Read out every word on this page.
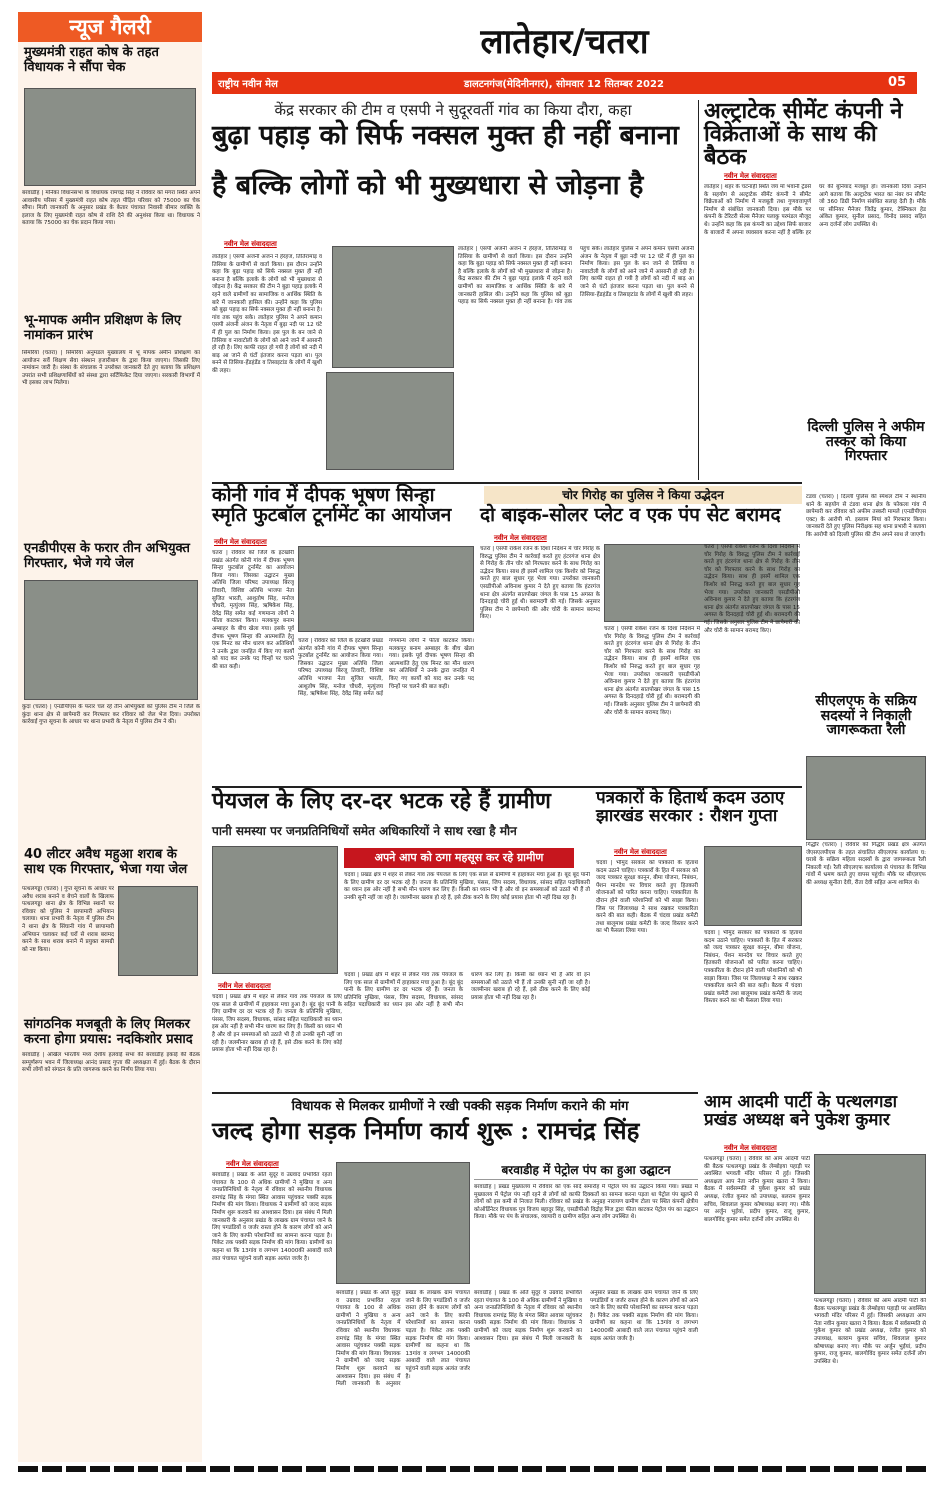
न्यूज गैलरी
मुख्यमंत्री राहत कोष के तहत विधायक ने सौंपा चेक
बरवाडीह | मनिका विधानसभा के विधायक रामचंद्र सिंह ने रविवार को मंगरा स्थित अपने आवासीय परिसर में मुख्यमंत्री राहत कोष तहत पीड़ित परिवार को 75000 का चेक सौंपा। मिली जानकारी के अनुसार प्रखंड के केतार पंचायत निवासी बीमार व्यक्ति के इलाज के लिए मुख्यमंत्री राहत कोष से राशि देने की अनुशंसा किया था। विधायक ने बताया कि 75000 का चेक प्रदान किया गया।
भू-मापक अमीन प्रशिक्षण के लिए नामांकन प्रारंभ
सिमरिया (चतरा) | सिमरिया अनुमंडल मुख्यालय में भू मापक अमीन प्रशिक्षण का आयोजन सर्वे शिक्षण सेवा संस्थान हजारीबाग के द्वारा किया जाएगा। जिसकी लिए नामांकन जारी है। संस्था के संचालक ने उपरोक्त जानकारी देते हुए बताया कि प्रशिक्षण उपरांत सभी प्रशिक्षणार्थियों को संस्था द्वारा सर्टिफिकेट दिया जाएगा। सरकारी विभागों में भी इसका लाभ मिलेगा।
एनडीपीएस के फरार तीन अभियुक्त गिरफ्तार, भेजे गये जेल
कुंदा (चतरा) | एनडीपीएस के फरार चल रहे तीन अभियुक्तों को पुलिस टीम ने जिले के कुंदा थाना क्षेत्र से छापेमारी कर गिरफ्तार कर रविवार को जेल भेज दिया। उपरोक्त कार्रवाई गुप्त सूचना के आधार पर थाना प्रभारी के नेतृत्व में पुलिस टीम ने की।
40 लीटर अवैध महुआ शराब के साथ एक गिरफ्तार, भेजा गया जेल
पत्थलगड्डा (चतरा) | गुप्त सूचना के आधार पर अवैध शराब बनाने व बेचने वालों के खिलाफ पत्थलगड्डा थाना क्षेत्र के विभिन्न स्थानों पर रविवार को पुलिस ने छापामारी अभियान चलाया। थाना प्रभारी के नेतृत्व में पुलिस टीम ने थाना क्षेत्र के सिंघानी गांव में छापामारी अभियान चलाकर कई घरों से शराब बरामद करने के साथ शराब बनाने में प्रयुक्त सामग्री को नष्ट किया।
सांगठनिक मजबूती के लिए मिलकर करना होगा प्रयास: नदकिशोर प्रसाद
बरवाडीह | अखिल भारतीय मध्य देशीय हलवाई सभा की बरवाडीह इकाई की बैठक सम्पूर्णरूप भवन में जिलाध्यक्ष आनंद प्रसाद गुप्ता की अध्यक्षता में हुई। बैठक के दौरान सभी लोगों को संगठन के प्रति जागरूक करने का निर्णय लिया गया।
लातेहार/चतरा
राष्ट्रीय नवीन मेल	डालटनगंज(मेदिनीनगर), सोमवार 12 सितम्बर 2022	05
केंद्र सरकार की टीम व एसपी ने सुदूरवर्ती गांव का किया दौरा, कहा
बुढ़ा पहाड़ को सिर्फ नक्सल मुक्त ही नहीं बनाना
है बल्कि लोगों को भी मुख्यधारा से जोड़ना है
नवीन मेल संवाददाता
लातेहार | एसपी अंजनी अंजन ने हेरहंज, तितिरामाड़ व तिसिया के ग्रामीणों से वार्ता किया। इस दौरान उन्होंने कहा कि बुढ़ा पहाड़ को सिर्फ नक्सल मुक्त ही नहीं बनाना है बल्कि इलाके के लोगों को भी मुख्यधारा से जोड़ना है। केंद्र सरकार की टीम ने बुढ़ा पहाड़ इलाके में रहने वाले ग्रामीणों का सामाजिक व आर्थिक स्थिति के बारे में जानकारी हासिल की। उन्होंने कहा कि पुलिस को बुढ़ा पहाड़ का सिर्फ नक्सल मुक्त ही नहीं बनाना है। गांव तक पहुंच सके। लातेहार पुलिस ने अपने कमान एसपी अंजनी अंजन के नेतृत्व में बुढ़ा नदी पर 12 घंटे में ही पुल का निर्माण किया। इस पुल के बन जाने से तिसिया व नावाटोली के लोगों को आने जाने में आसानी हो रही है। लिए काफी राहत हो गयी है लोगों को नदी में बाढ़ आ जाने से घंटों इंतजार करना पड़ता था। पुल बनने से तिसिया-हेंडहंडेंड व तिसाइटांड के लोगों में खुशी की लहर।
लातेहार | एसपी अंजनी अंजन ने हेरहंज, तितिरामाड़ व तिसिया के ग्रामीणों से वार्ता किया। इस दौरान उन्होंने कहा कि बुढ़ा पहाड़ को सिर्फ नक्सल मुक्त ही नहीं बनाना है बल्कि इलाके के लोगों को भी मुख्यधारा से जोड़ना है। केंद्र सरकार की टीम ने बुढ़ा पहाड़ इलाके में रहने वाले ग्रामीणों का सामाजिक व आर्थिक स्थिति के बारे में जानकारी हासिल की। उन्होंने कहा कि पुलिस को बुढ़ा पहाड़ का सिर्फ नक्सल मुक्त ही नहीं बनाना है। गांव तक पहुंच सके। लातेहार पुलिस ने अपने कमान एसपी अंजनी अंजन के नेतृत्व में बुढ़ा नदी पर 12 घंटे में ही पुल का निर्माण किया। इस पुल के बन जाने से तिसिया व नावाटोली के लोगों को आने जाने में आसानी हो रही है। लिए काफी राहत हो गयी है लोगों को नदी में बाढ़ आ जाने से घंटों इंतजार करना पड़ता था। पुल बनने से तिसिया-हेंडहंडेंड व तिसाइटांड के लोगों में खुशी की लहर।
अल्ट्राटेक सीमेंट कंपनी ने विक्रेताओं के साथ की बैठक
नवीन मेल संवाददाता
लातेहार | शहर के चटनाही स्थित जय माँ भवानी ट्रेडर्स के सहयोग से अल्ट्राटेक सीमेंट कंपनी ने सीमेंट विक्रेताओं को निर्माण में मजबूती तथा गुणवत्तापूर्ण निर्माण से संबंधित जानकारी दिया। इस मौके पर कंपनी के टेरिटरी सेल्स मैनेजर पलाकु परमंडल मौजूद थे। उन्होंने कहा कि इस कंपनी का उद्देश्य सिर्फ बाजार के बाजारों में अपना व्यवसाय करना नहीं है बल्कि हर घर की बुनियाद मजबूत हो। जानकारी दिया उन्होंने आगे बताया कि अल्ट्राटेक भारत का नंबर वन सीमेंट जो 360 डिग्री निर्माण संबंधित सलाह देती है। मौके पर सीनियर मैनेजर जितेंद्र कुमार, टेक्निकल हेड अंकित कुमार, सुनील प्रसाद, विनोद प्रसाद सहित अन्य दर्जनों लोग उपस्थित थे।
दिल्ली पुलिस ने अफीम तस्कर को किया गिरफ्तार
टंडवा (चतरा) | दिल्ली पुलिस की स्पेशल टीम ने स्थानीय थाने के सहयोग से टंडवा थाना क्षेत्र के फोकला गांव में छापेमारी कर रविवार को अफीम तस्करी मामले (एनडीपीएस एक्ट) के आरोपी मो. इस्लाम मियां को गिरफ्तार किया। जानकारी देते हुए पुलिस निरीक्षक सह थाना प्रभारी ने बताया कि आरोपी को दिल्ली पुलिस की टीम अपने साथ ले जाएगी।
सीएलएफ के सक्रिय सदस्यों ने निकाली जागरूकता रैली
गिद्धौर (चतरा) | रविवार को गिद्धौर प्रखंड क्षेत्र अंतर्गत जेएसएलपीएस के तहत संचालित सीएलएफ कार्यालय घ: घराबे के सक्रिय महिला सदस्यों के द्वारा जागरूकता रैली निकाली गई। रैली सीएलएफ कार्यालय से पंचायत के विभिन्न गांवों में भ्रमण करते हुए वापस पहुंची। मौके पर सीएलएफ की अध्यक्ष सुनीता देवी, रीता देवी सहित अन्य शामिल थे।
कोनी गांव में दीपक भूषण सिन्हा स्मृति फुटबॉल टूर्नामेंट का आयोजन
नवीन मेल संवाददाता
चतरा | रविवार को जिले के इटखोरी प्रखंड अंतर्गत कोनी गांव में दीपक भूषण सिन्हा फुटबॉल टूर्नामेंट का आयोजन किया गया। जिसका उद्घाटन मुख्य अतिथि जिला परिषद उपाध्यक्ष बिरजू तिवारी, विशिष्ट अतिथि भाजपा नेता सुजित भारती, आशुतोष सिंह, मनोज चौधरी, मृत्युंजय सिंह, ऋषिकेश सिंह, देवेंद्र सिंह समेत कई गणमान्य लोगों ने फीता काटकर किया। मलकपुर बनाम अम्बाहर के बीच खेला गया। इसके पूर्व दीपक भूषण सिन्हा की आत्मशांति हेतु एक मिनट का मौन धारण कर अतिथियों ने उनके द्वारा जनहित में किए गए कार्यों को याद कर उनके पद चिन्हों पर चलने की बात कही।
चतरा | रविवार को जिले के इटखोरी प्रखंड अंतर्गत कोनी गांव में दीपक भूषण सिन्हा फुटबॉल टूर्नामेंट का आयोजन किया गया। जिसका उद्घाटन मुख्य अतिथि जिला परिषद उपाध्यक्ष बिरजू तिवारी, विशिष्ट अतिथि भाजपा नेता सुजित भारती, आशुतोष सिंह, मनोज चौधरी, मृत्युंजय सिंह, ऋषिकेश सिंह, देवेंद्र सिंह समेत कई गणमान्य लोगों ने फीता काटकर किया। मलकपुर बनाम अम्बाहर के बीच खेला गया। इसके पूर्व दीपक भूषण सिन्हा की आत्मशांति हेतु एक मिनट का मौन धारण कर अतिथियों ने उनके द्वारा जनहित में किए गए कार्यों को याद कर उनके पद चिन्हों पर चलने की बात कही।
चोर गिरोह का पुलिस ने किया उद्भेदन
दो बाइक-सोलर प्लेट व एक पंप सेट बरामद
नवीन मेल संवाददाता
चतरा | एसपी राकेश रंजन के दिशा निर्देशन में चोर गिरोह के विरुद्ध पुलिस टीम ने कार्रवाई करते हुए हंटरगंज थाना क्षेत्र से गिरोह के तीन चोर को गिरफ्तार करने के साथ गिरोह का उद्भेदन किया। साथ ही इसमें शामिल एक किशोर को निरुद्ध करते हुए बाल सुधार गृह भेजा गया। उपरोक्त जानकारी एसडीपीओ अविनाश कुमार ने देते हुए बताया कि हंटरगंज थाना क्षेत्र अंतर्गत सातपोखर जंगल के पास 15 अगस्त के दिनदहाड़े चोरी हुई थी। बरामदगी की गई। जिसके अनुसार पुलिस टीम ने छापेमारी की और चोरी के सामान बरामद किए।
चतरा | एसपी राकेश रंजन के दिशा निर्देशन में चोर गिरोह के विरुद्ध पुलिस टीम ने कार्रवाई करते हुए हंटरगंज थाना क्षेत्र से गिरोह के तीन चोर को गिरफ्तार करने के साथ गिरोह का उद्भेदन किया। साथ ही इसमें शामिल एक किशोर को निरुद्ध करते हुए बाल सुधार गृह भेजा गया। उपरोक्त जानकारी एसडीपीओ अविनाश कुमार ने देते हुए बताया कि हंटरगंज थाना क्षेत्र अंतर्गत सातपोखर जंगल के पास 15 अगस्त के दिनदहाड़े चोरी हुई थी। बरामदगी की गई। जिसके अनुसार पुलिस टीम ने छापेमारी की और चोरी के सामान बरामद किए।
चतरा | एसपी राकेश रंजन के दिशा निर्देशन में चोर गिरोह के विरुद्ध पुलिस टीम ने कार्रवाई करते हुए हंटरगंज थाना क्षेत्र से गिरोह के तीन चोर को गिरफ्तार करने के साथ गिरोह का उद्भेदन किया। साथ ही इसमें शामिल एक किशोर को निरुद्ध करते हुए बाल सुधार गृह भेजा गया। उपरोक्त जानकारी एसडीपीओ अविनाश कुमार ने देते हुए बताया कि हंटरगंज थाना क्षेत्र अंतर्गत सातपोखर जंगल के पास 15 अगस्त के दिनदहाड़े चोरी हुई थी। बरामदगी की गई। जिसके अनुसार पुलिस टीम ने छापेमारी की और चोरी के सामान बरामद किए।
पेयजल के लिए दर-दर भटक रहे हैं ग्रामीण
पानी समस्या पर जनप्रतिनिधियों समेत अधिकारियों ने साथ रखा है मौन
अपने आप को ठगा महसूस कर रहे ग्रामीण
चंदवा | प्रखंड क्षेत्र में शहर से लेकर गांव तक पेयजल के लिए एक साल से ग्रामीणों में हाहाकार मचा हुआ है। बूंद बूंद पानी के लिए ग्रामीण दर दर भटक रहे हैं। जनता के प्रतिनिधि मुखिया, पंसस, जिप सदस्य, विधायक, सांसद सहित पदाधिकारी का ध्यान इस ओर नहीं है सभी मौन धारण कर लिए हैं। किसी का ध्यान भी है और वो इन समस्याओं को उठाते भी हैं तो उनकी सुनी नहीं जा रही है। जलमीनार खराब हो रहे हैं, इसे ठीक करने के लिए कोई प्रयास होता भी नहीं दिख रहा है।
नवीन मेल संवाददाता
चंदवा | प्रखंड क्षेत्र में शहर से लेकर गांव तक पेयजल के लिए एक साल से ग्रामीणों में हाहाकार मचा हुआ है। बूंद बूंद पानी के लिए ग्रामीण दर दर भटक रहे हैं। जनता के प्रतिनिधि मुखिया, पंसस, जिप सदस्य, विधायक, सांसद सहित पदाधिकारी का ध्यान इस ओर नहीं है सभी मौन धारण कर लिए हैं। किसी का ध्यान भी है और वो इन समस्याओं को उठाते भी हैं तो उनकी सुनी नहीं जा रही है। जलमीनार खराब हो रहे हैं, इसे ठीक करने के लिए कोई प्रयास होता भी नहीं दिख रहा है।
चंदवा | प्रखंड क्षेत्र में शहर से लेकर गांव तक पेयजल के लिए एक साल से ग्रामीणों में हाहाकार मचा हुआ है। बूंद बूंद पानी के लिए ग्रामीण दर दर भटक रहे हैं। जनता के प्रतिनिधि मुखिया, पंसस, जिप सदस्य, विधायक, सांसद सहित पदाधिकारी का ध्यान इस ओर नहीं है सभी मौन धारण कर लिए हैं। किसी का ध्यान भी है और वो इन समस्याओं को उठाते भी हैं तो उनकी सुनी नहीं जा रही है। जलमीनार खराब हो रहे हैं, इसे ठीक करने के लिए कोई प्रयास होता भी नहीं दिख रहा है।
पत्रकारों के हितार्थ कदम उठाए झारखंड सरकार : रौशन गुप्ता
नवीन मेल संवाददाता
चंदवा | भीमुद सरकार को पत्रकारों के हितार्थ कदम उठाने चाहिए। पत्रकारों के हित में सरकार को जल्द पत्रकार सुरक्षा कानून, बीमा योजना, निबंधन, पेंशन मानदेय पर विचार करते हुए हितकारी योजनाओं को पारित करना चाहिए। पत्रकारिता के दौरान होने वाली परेशानियों को भी साझा किया। जिस पर जिलाध्यक्ष ने साथ रखकर पत्रकारिता करने की बात कही। बैठक में चंदवा प्रखंड कमेटी तथा बालूमाथ प्रखंड कमेटी के जल्द विस्तार करने का भी फैसला लिया गया।	चंदवा | भीमुद सरकार को पत्रकारों के हितार्थ कदम उठाने चाहिए। पत्रकारों के हित में सरकार को जल्द पत्रकार सुरक्षा कानून, बीमा योजना, निबंधन, पेंशन मानदेय पर विचार करते हुए हितकारी योजनाओं को पारित करना चाहिए। पत्रकारिता के दौरान होने वाली परेशानियों को भी साझा किया। जिस पर जिलाध्यक्ष ने साथ रखकर पत्रकारिता करने की बात कही। बैठक में चंदवा प्रखंड कमेटी तथा बालूमाथ प्रखंड कमेटी के जल्द विस्तार करने का भी फैसला लिया गया।
विधायक से मिलकर ग्रामीणों ने रखी पक्की सड़क निर्माण कराने की मांग
जल्द होगा सड़क निर्माण कार्य शुरू : रामचंद्र सिंह
नवीन मेल संवाददाता
बरवाडीह | प्रखंड के अति सुदूर व उग्रवाद प्रभावित रहता पंचायत के 100 से अधिक ग्रामीणों ने मुखिया व अन्य जनप्रतिनिधियों के नेतृत्व में रविवार को स्थानीय विधायक रामचंद्र सिंह के मंगरा स्थित आवास पहुंचकर पक्की सड़क निर्माण की मांग किया। विधायक ने ग्रामीणों को जल्द सड़क निर्माण शुरू करवाने का आश्वासन दिया। इस संबंध में मिली जानकारी के अनुसार प्रखंड के लाखक ग्राम पंचायत जाने के लिए पगडंडियों व जर्जर रास्ता होने के कारण लोगों को आने जाने के लिए काफी परेशानियों का सामना करना पड़ता है। पिकेट तक पक्की सड़क निर्माण की मांग किया। ग्रामीणों का कहना था कि 13गांव व लगभग 14000की आबादी वाले लात पंचायत पहुंचने वाली सड़क अत्यंत जर्जर है।
बरवाडीह | प्रखंड के अति सुदूर व उग्रवाद प्रभावित रहता पंचायत के 100 से अधिक ग्रामीणों ने मुखिया व अन्य जनप्रतिनिधियों के नेतृत्व में रविवार को स्थानीय विधायक रामचंद्र सिंह के मंगरा स्थित आवास पहुंचकर पक्की सड़क निर्माण की मांग किया। विधायक ने ग्रामीणों को जल्द सड़क निर्माण शुरू करवाने का आश्वासन दिया। इस संबंध में मिली जानकारी के अनुसार प्रखंड के लाखक ग्राम पंचायत जाने के लिए पगडंडियों व जर्जर रास्ता होने के कारण लोगों को आने जाने के लिए काफी परेशानियों का सामना करना पड़ता है। पिकेट तक पक्की सड़क निर्माण की मांग किया। ग्रामीणों का कहना था कि 13गांव व लगभग 14000की आबादी वाले लात पंचायत पहुंचने वाली सड़क अत्यंत जर्जर है।
बरवाडीह में पेट्रोल पंप का हुआ उद्घाटन
बरवाडीह | प्रखंड मुख्यालय में रविवार को एक सादे समारोह में पेट्रोल पंप का उद्घाटन किया गया। प्रखंड में मुख्यालय में पेट्रोल पंप नहीं रहने से लोगों को काफी दिक्कतों का सामना करना पड़ता था पेट्रोल पंप खुलने से लोगों को इस कमी से निजात मिली। रविवार को प्रखंड के अनुग्रह नारायण ग्रामीण टोला पर स्थित कंपनी क्षेत्रीय कोऑर्डिनेटर विधायक पुत्र विजय बहादुर सिंह, एसडीपीओ विद्रोह मिंज द्वारा फीता काटकर पेट्रोल पंप का उद्घाटन किया। मौके पर पंप के संचालक, व्यापारी व ग्रामीण सहित अन्य लोग उपस्थित थे।
बरवाडीह | प्रखंड के अति सुदूर व उग्रवाद प्रभावित रहता पंचायत के 100 से अधिक ग्रामीणों ने मुखिया व अन्य जनप्रतिनिधियों के नेतृत्व में रविवार को स्थानीय विधायक रामचंद्र सिंह के मंगरा स्थित आवास पहुंचकर पक्की सड़क निर्माण की मांग किया। विधायक ने ग्रामीणों को जल्द सड़क निर्माण शुरू करवाने का आश्वासन दिया। इस संबंध में मिली जानकारी के अनुसार प्रखंड के लाखक ग्राम पंचायत जाने के लिए पगडंडियों व जर्जर रास्ता होने के कारण लोगों को आने जाने के लिए काफी परेशानियों का सामना करना पड़ता है। पिकेट तक पक्की सड़क निर्माण की मांग किया। ग्रामीणों का कहना था कि 13गांव व लगभग 14000की आबादी वाले लात पंचायत पहुंचने वाली सड़क अत्यंत जर्जर है।
आम आदमी पार्टी के पत्थलगडा प्रखंड अध्यक्ष बने पुकेश कुमार
नवीन मेल संवाददाता
पत्थलगड्डा (चतरा) | रविवार को आम आदमी पार्टी की बैठक पत्थलगड्डा प्रखंड के लेम्बोइया पहाड़ी पर अवस्थित भगवती मंदिर परिसर में हुई। जिसकी अध्यक्षता आप नेता नवीन कुमार खतरा ने किया। बैठक में सर्वसम्मति से पुकेश कुमार को प्रखंड अध्यक्ष, रंजीत कुमार को उपाध्यक्ष, बलराम कुमार सचिव, शिवलाल कुमार कोषाध्यक्ष बनाए गए। मौके पर अर्जुन भुईयां, प्रदीप कुमार, राजू कुमार, बालगोविंद कुमार समेत दर्जनों लोग उपस्थित थे।
पत्थलगड्डा (चतरा) | रविवार को आम आदमी पार्टी की बैठक पत्थलगड्डा प्रखंड के लेम्बोइया पहाड़ी पर अवस्थित भगवती मंदिर परिसर में हुई। जिसकी अध्यक्षता आप नेता नवीन कुमार खतरा ने किया। बैठक में सर्वसम्मति से पुकेश कुमार को प्रखंड अध्यक्ष, रंजीत कुमार को उपाध्यक्ष, बलराम कुमार सचिव, शिवलाल कुमार कोषाध्यक्ष बनाए गए। मौके पर अर्जुन भुईयां, प्रदीप कुमार, राजू कुमार, बालगोविंद कुमार समेत दर्जनों लोग उपस्थित थे।
